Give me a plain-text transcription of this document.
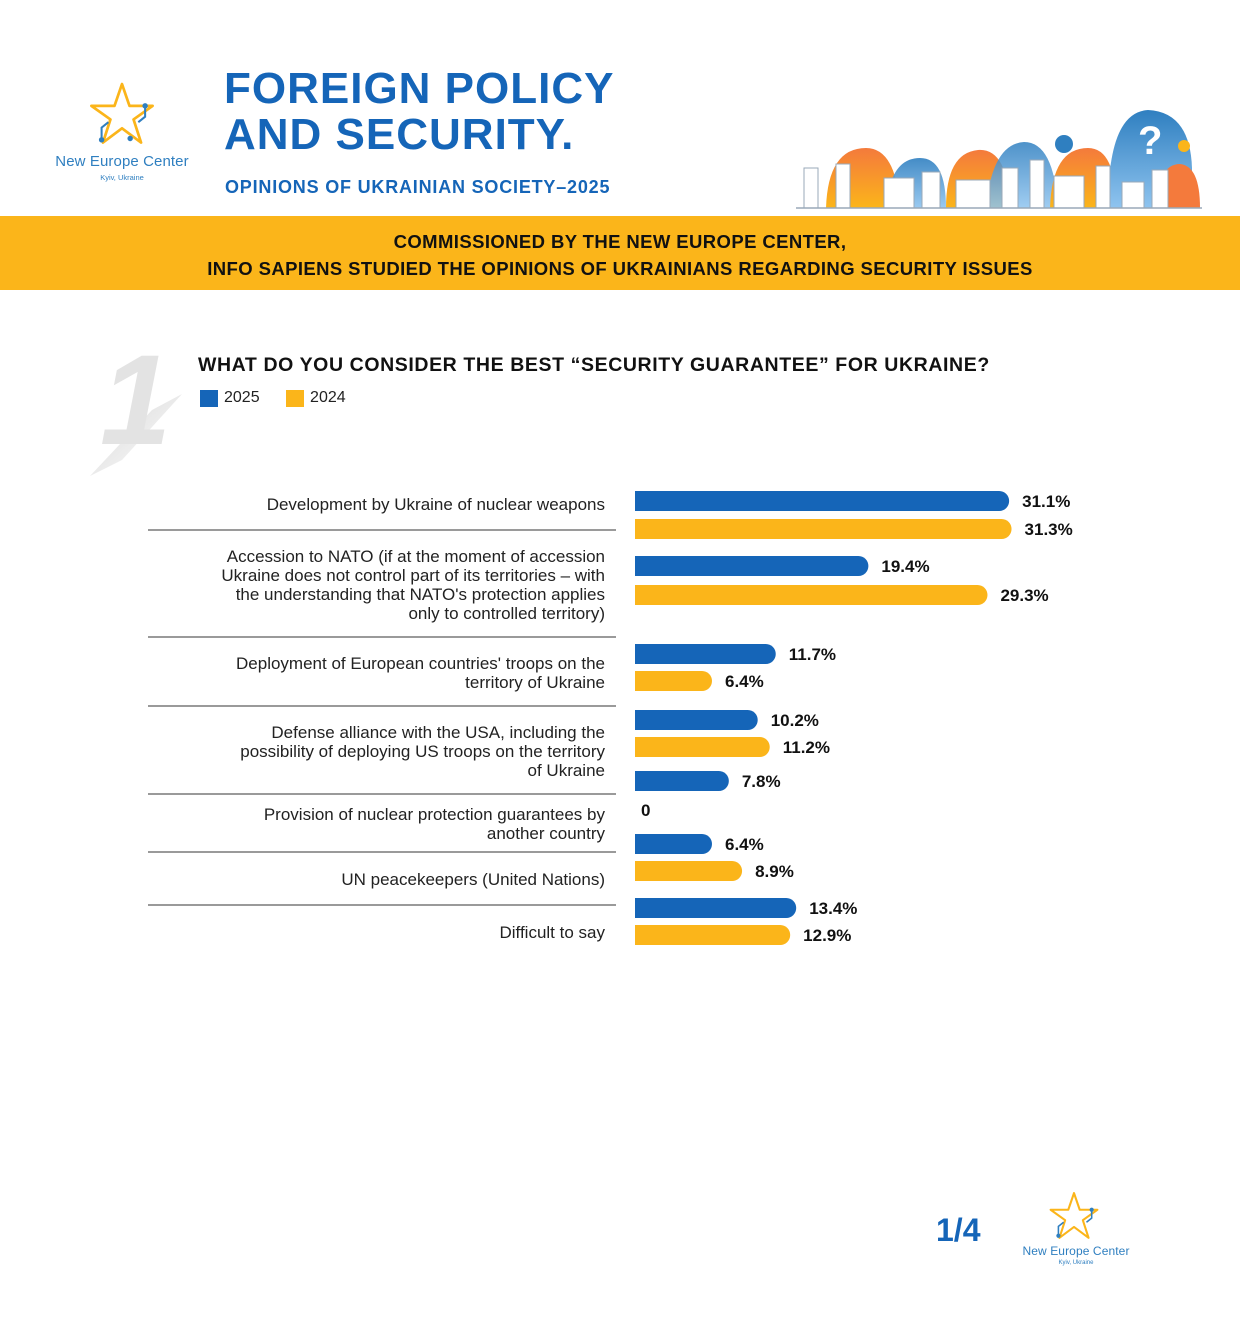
New Europe Center
Kyiv, Ukraine
FOREIGN POLICY
AND SECURITY.
OPINIONS OF UKRAINIAN SOCIETY–2025
?
COMMISSIONED BY THE NEW EUROPE CENTER,
INFO SAPIENS STUDIED THE OPINIONS OF UKRAINIANS REGARDING SECURITY ISSUES
1 WHAT DO YOU CONSIDER THE BEST “SECURITY GUARANTEE” FOR UKRAINE?
2025
	2024
Development by Ukraine of nuclear weapons
Accession to NATO (if at the moment of accession
Ukraine does not control part of its territories – with
the understanding that NATO's protection applies
only to controlled territory)
Deployment of European countries' troops on the
territory of Ukraine
Defense alliance with the USA, including the
possibility of deploying US troops on the territory
of Ukraine
Provision of nuclear protection guarantees by
another country
UN peacekeepers (United Nations)
Difficult to say
31.1%
31.3%
19.4%
29.3%
11.7%
6.4%
10.2%
11.2%
7.8%
0
6.4%
8.9%
13.4%
12.9%
1/4
New Europe Center
Kyiv, Ukraine
